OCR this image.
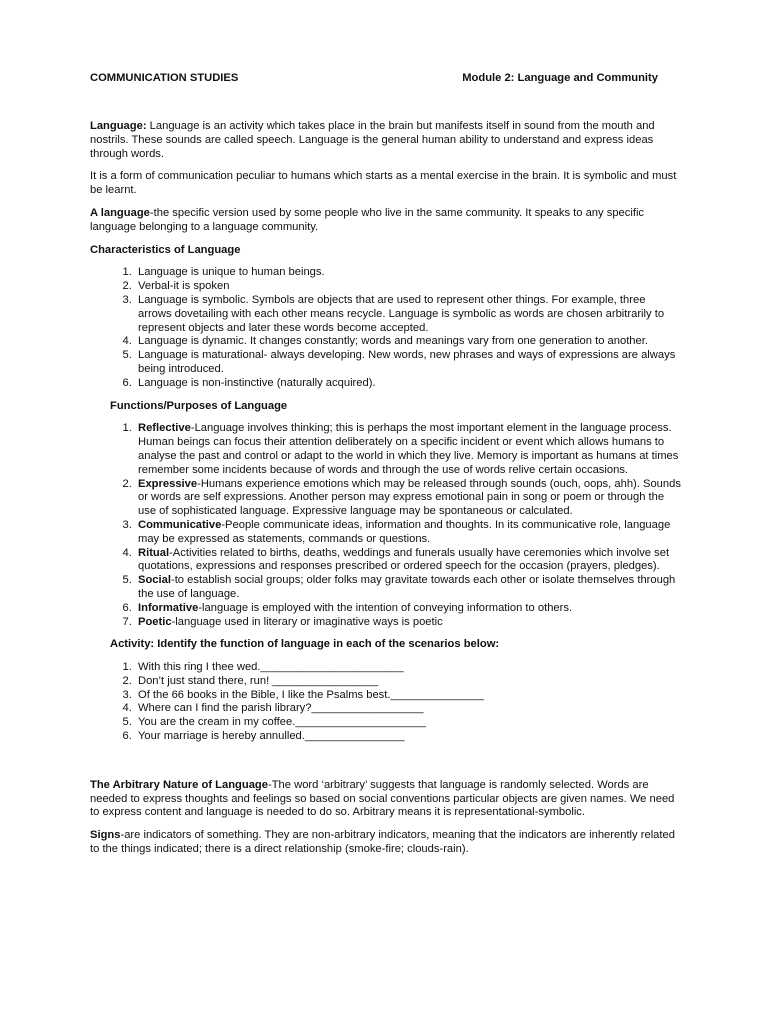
COMMUNICATION STUDIES	Module 2: Language and Community

Language: Language is an activity which takes place in the brain but manifests itself in sound from the mouth and nostrils. These sounds are called speech. Language is the general human ability to understand and express ideas through words.

It is a form of communication peculiar to humans which starts as a mental exercise in the brain. It is symbolic and must be learnt.

A language-the specific version used by some people who live in the same community. It speaks to any specific language belonging to a language community.

Characteristics of Language
1. Language is unique to human beings.
2. Verbal-it is spoken
3. Language is symbolic. Symbols are objects that are used to represent other things. For example, three arrows dovetailing with each other means recycle. Language is symbolic as words are chosen arbitrarily to represent objects and later these words become accepted.
4. Language is dynamic. It changes constantly; words and meanings vary from one generation to another.
5. Language is maturational- always developing. New words, new phrases and ways of expressions are always being introduced.
6. Language is non-instinctive (naturally acquired).
Functions/Purposes of Language
1. Reflective-Language involves thinking; this is perhaps the most important element in the language process. Human beings can focus their attention deliberately on a specific incident or event which allows humans to analyse the past and control or adapt to the world in which they live. Memory is important as humans at times remember some incidents because of words and through the use of words relive certain occasions.
2. Expressive-Humans experience emotions which may be released through sounds (ouch, oops, ahh). Sounds or words are self expressions. Another person may express emotional pain in song or poem or through the use of sophisticated language. Expressive language may be spontaneous or calculated.
3. Communicative-People communicate ideas, information and thoughts. In its communicative role, language may be expressed as statements, commands or questions.
4. Ritual-Activities related to births, deaths, weddings and funerals usually have ceremonies which involve set quotations, expressions and responses prescribed or ordered speech for the occasion (prayers, pledges).
5. Social-to establish social groups; older folks may gravitate towards each other or isolate themselves through the use of language.
6. Informative-language is employed with the intention of conveying information to others.
7. Poetic-language used in literary or imaginative ways is poetic
Activity: Identify the function of language in each of the scenarios below:
1. With this ring I thee wed._______________________
2. Don’t just stand there, run! _________________
3. Of the 66 books in the Bible, I like the Psalms best._______________
4. Where can I find the parish library?__________________
5. You are the cream in my coffee._____________________
6. Your marriage is hereby annulled.________________

The Arbitrary Nature of Language-The word ‘arbitrary’ suggests that language is randomly selected. Words are needed to express thoughts and feelings so based on social conventions particular objects are given names. We need to express content and language is needed to do so. Arbitrary means it is representational-symbolic.

Signs-are indicators of something. They are non-arbitrary indicators, meaning that the indicators are inherently related to the things indicated; there is a direct relationship (smoke-fire; clouds-rain).
